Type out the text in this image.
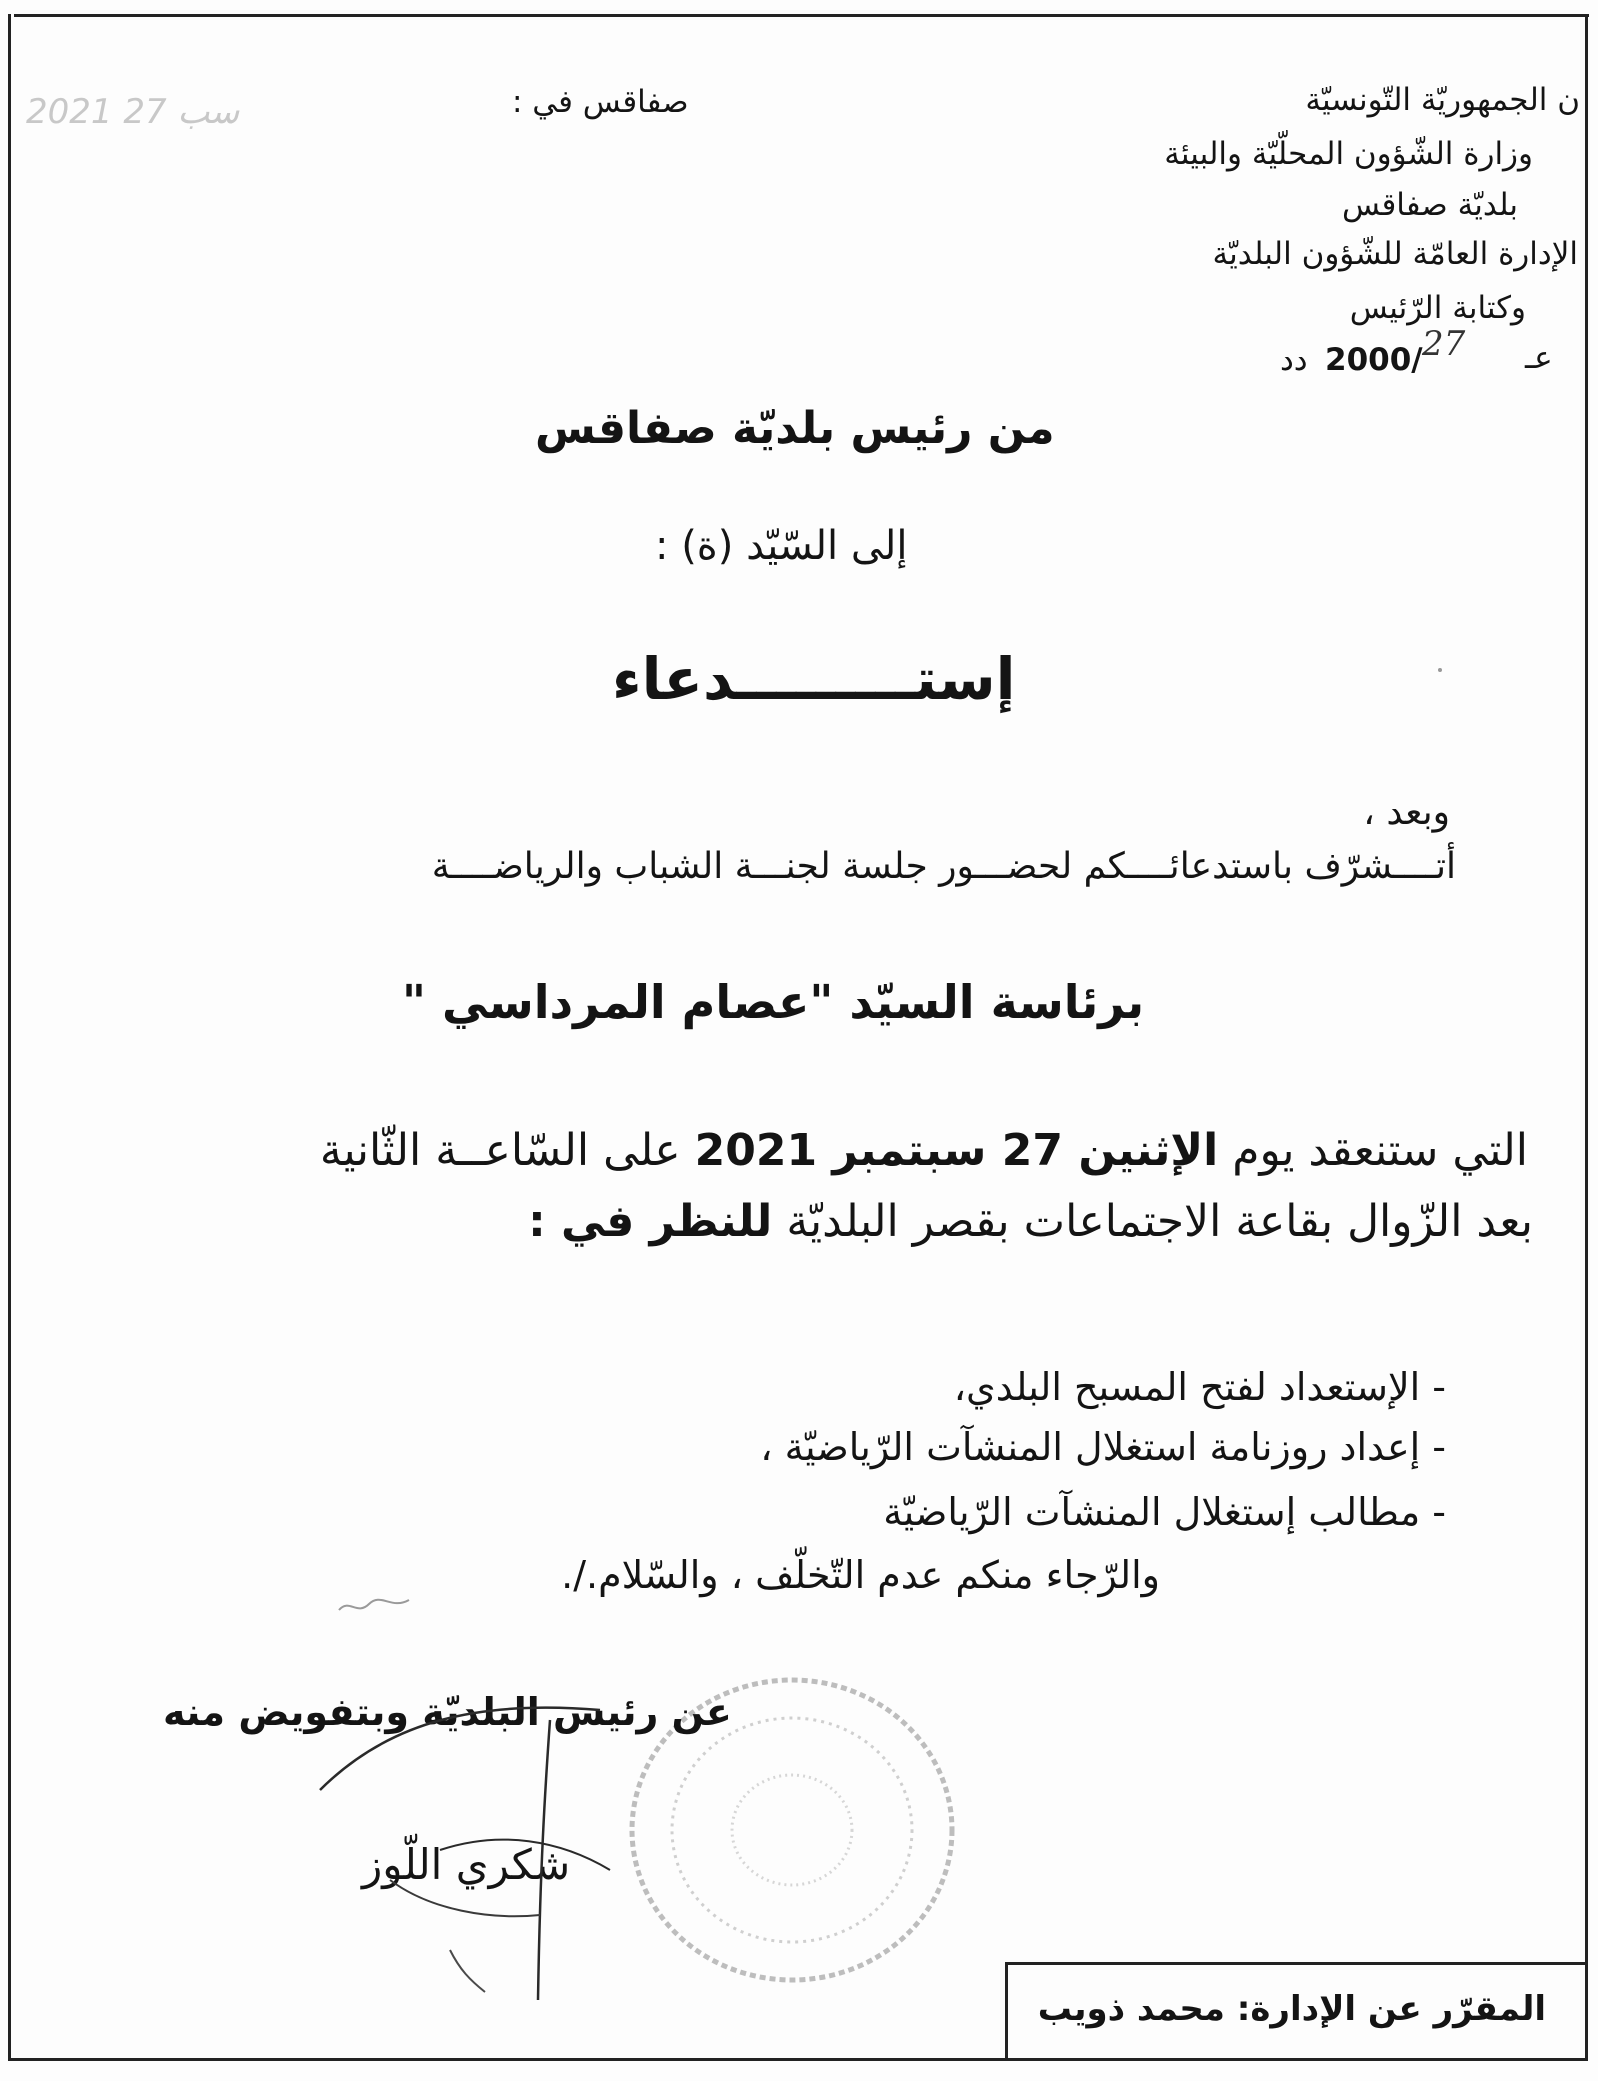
2021 سب 27	ن الجمهوريّة التّونسيّة
وزارة الشّؤون المحلّيّة والبيئة
بلديّة صفاقس
الإدارة العامّة للشّؤون البلديّة
وكتابة الرّئيس
عـ
27
2000/
دد
صفاقس في :
من رئيس بلديّة صفاقس
إلى السّيّد (ة) :
إستـــــــــدعاء
وبعد ،
أتــــشرّف باستدعائــــكم لحضـــور جلسة لجنـــة الشباب والرياضــــة
برئاسة السيّد "عصام المرداسي "
التي ستنعقد يوم الإثنين 27 سبتمبر 2021 على السّاعــة الثّانية
بعد الزّوال بقاعة الاجتماعات بقصر البلديّة للنظر في :
- الإستعداد لفتح المسبح البلدي،
- إعداد روزنامة استغلال المنشآت الرّياضيّة ،
- مطالب إستغلال المنشآت الرّياضيّة
والرّجاء منكم عدم التّخلّف ، والسّلام./.
عن رئيس البلديّة وبتفويض منه
شكري اللّوز
المقرّر عن الإدارة: محمد ذويب
